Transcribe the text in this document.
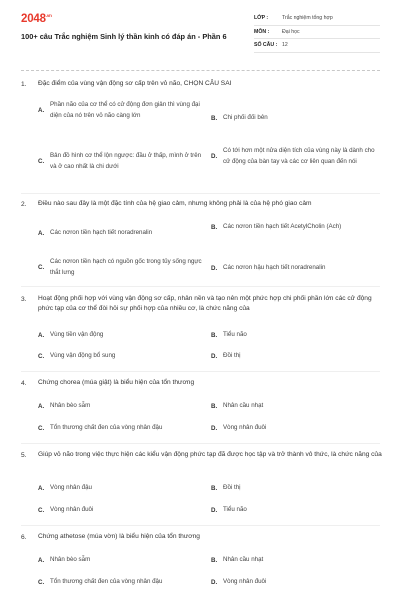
$2048^{.vn}$
100+ câu Trắc nghiệm Sinh lý thần kinh có đáp án - Phần 6
LỚP :	Trắc nghiệm tổng hợp
MÔN :	Đại học
SỐ CÂU : 12
1. Đặc điểm của vùng vận động sơ cấp trên vỏ não, CHỌN CÂU SAI
A.
Phần não của cơ thể có cử động đơn giản thì vùng đại diện của nó trên vỏ não càng lớn	B. Chi phối đối bên
C.
Bản đồ hình cơ thể lộn ngược: đầu ở thấp, mình ở trên và ở cao nhất là chi dưới
D.
Có tới hơn một nửa diện tích của vùng này là dành cho cử động của bàn tay và các cơ liên quan đến nói
2. Điều nào sau đây là một đặc tính của hệ giao cảm, nhưng không phải là của hệ phó giao cảm
A. Các nơron tiền hạch tiết noradrenalin
B. Các nơron tiền hạch tiết AcetylCholin (Ach)
C.
Các nơron tiền hạch có nguồn gốc trong tủy sống ngực thắt lưng
D. Các nơron hậu hạch tiết noradrenalin
3. Hoạt động phối hợp với vùng vận động sơ cấp, nhân nền và tạo nên một phức hợp chi phối phần lớn các cử động phức tạp của cơ thể đòi hỏi sự phối hợp của nhiều cơ, là chức năng của
A. Vùng tiền vận động	B. Tiểu não
C. Vùng vận động bổ sung	D. Đồi thị
4. Chứng chorea (múa giật) là biểu hiện của tổn thương
A. Nhân bèo sẫm	B. Nhân cầu nhạt
C. Tổn thương chất đen của vòng nhân đậu	D. Vòng nhân đuôi
5. Giúp vỏ não trong việc thực hiện các kiểu vận động phức tạp đã được học tập và trở thành vô thức, là chức năng của
A. Vòng nhân đậu	B. Đồi thị
C. Vòng nhân đuôi	D. Tiểu não
6. Chứng athetose (múa vờn) là biểu hiện của tổn thương
A. Nhân bèo sẫm	B. Nhân cầu nhạt
C. Tổn thương chất đen của vòng nhân đậu	D. Vòng nhân đuôi
